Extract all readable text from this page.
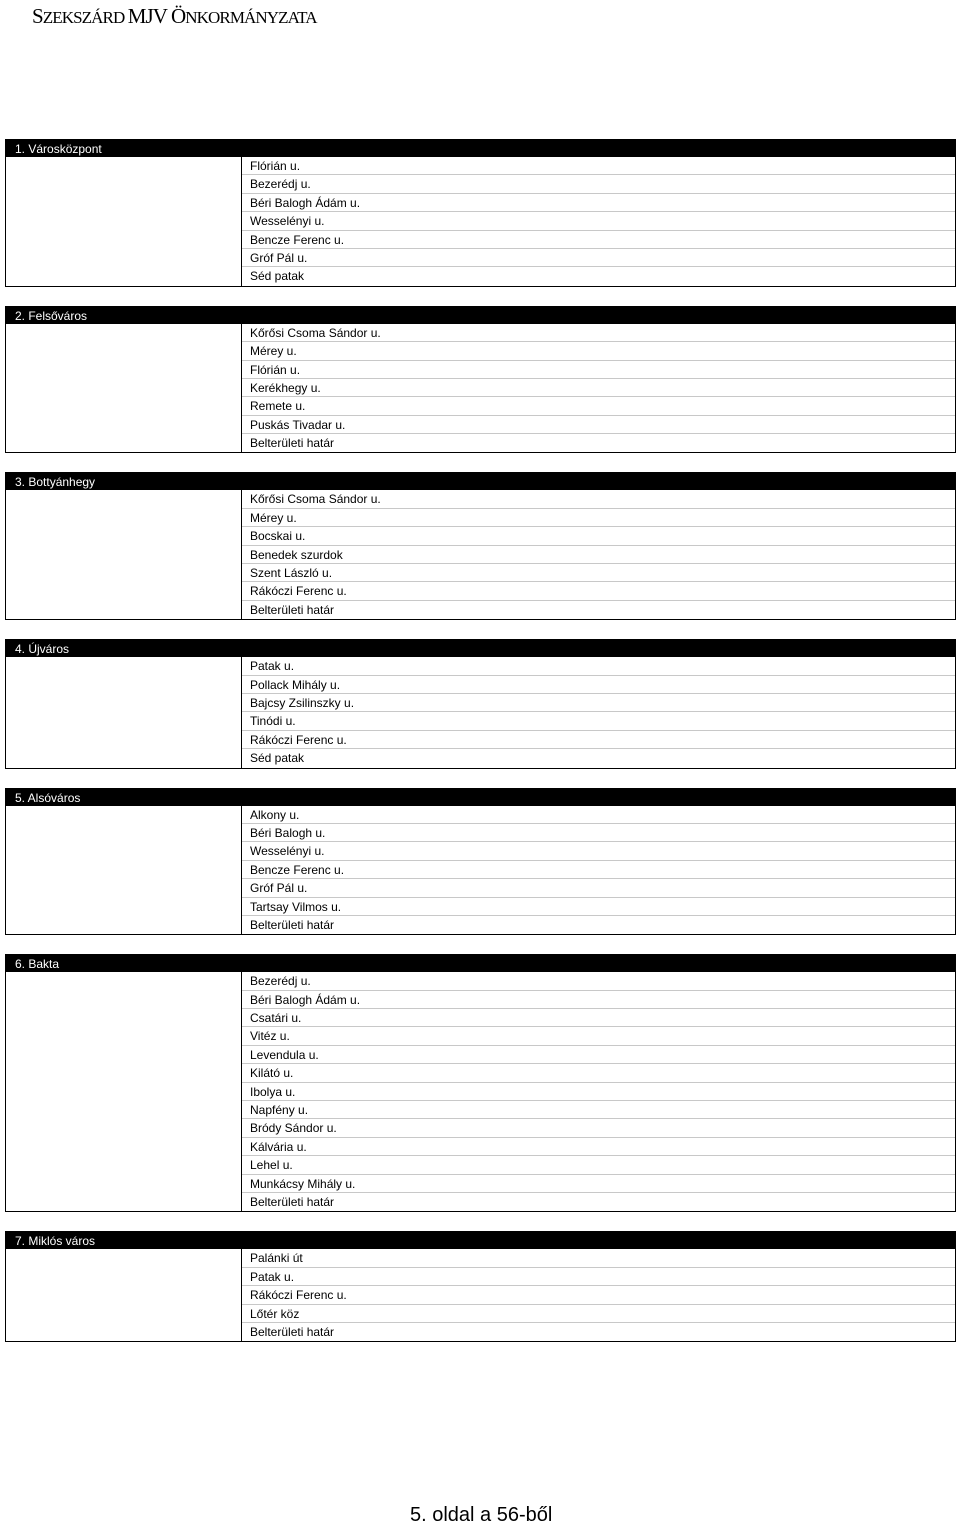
SZEKSZÁRD MJV ÖNKORMÁNYZATA
1. Városközpont
Flórián u.
Bezerédj u.
Béri Balogh Ádám u.
Wesselényi u.
Bencze Ferenc u.
Gróf Pál u.
Séd patak
2. Felsőváros
Kőrősi Csoma Sándor u.
Mérey u.
Flórián u.
Kerékhegy u.
Remete u.
Puskás Tivadar u.
Belterületi határ
3. Bottyánhegy
Kőrősi Csoma Sándor u.
Mérey u.
Bocskai u.
Benedek szurdok
Szent László u.
Rákóczi Ferenc u.
Belterületi határ
4. Újváros
Patak u.
Pollack Mihály u.
Bajcsy Zsilinszky u.
Tinódi u.
Rákóczi Ferenc u.
Séd patak
5. Alsóváros
Alkony u.
Béri Balogh u.
Wesselényi u.
Bencze Ferenc u.
Gróf Pál u.
Tartsay Vilmos u.
Belterületi határ
6. Bakta
Bezerédj u.
Béri Balogh Ádám u.
Csatári u.
Vitéz u.
Levendula u.
Kilátó u.
Ibolya u.
Napfény u.
Bródy Sándor u.
Kálvária u.
Lehel u.
Munkácsy Mihály u.
Belterületi határ
7. Miklós város
Palánki út
Patak u.
Rákóczi Ferenc u.
Lőtér köz
Belterületi határ
5. oldal a 56-ből
